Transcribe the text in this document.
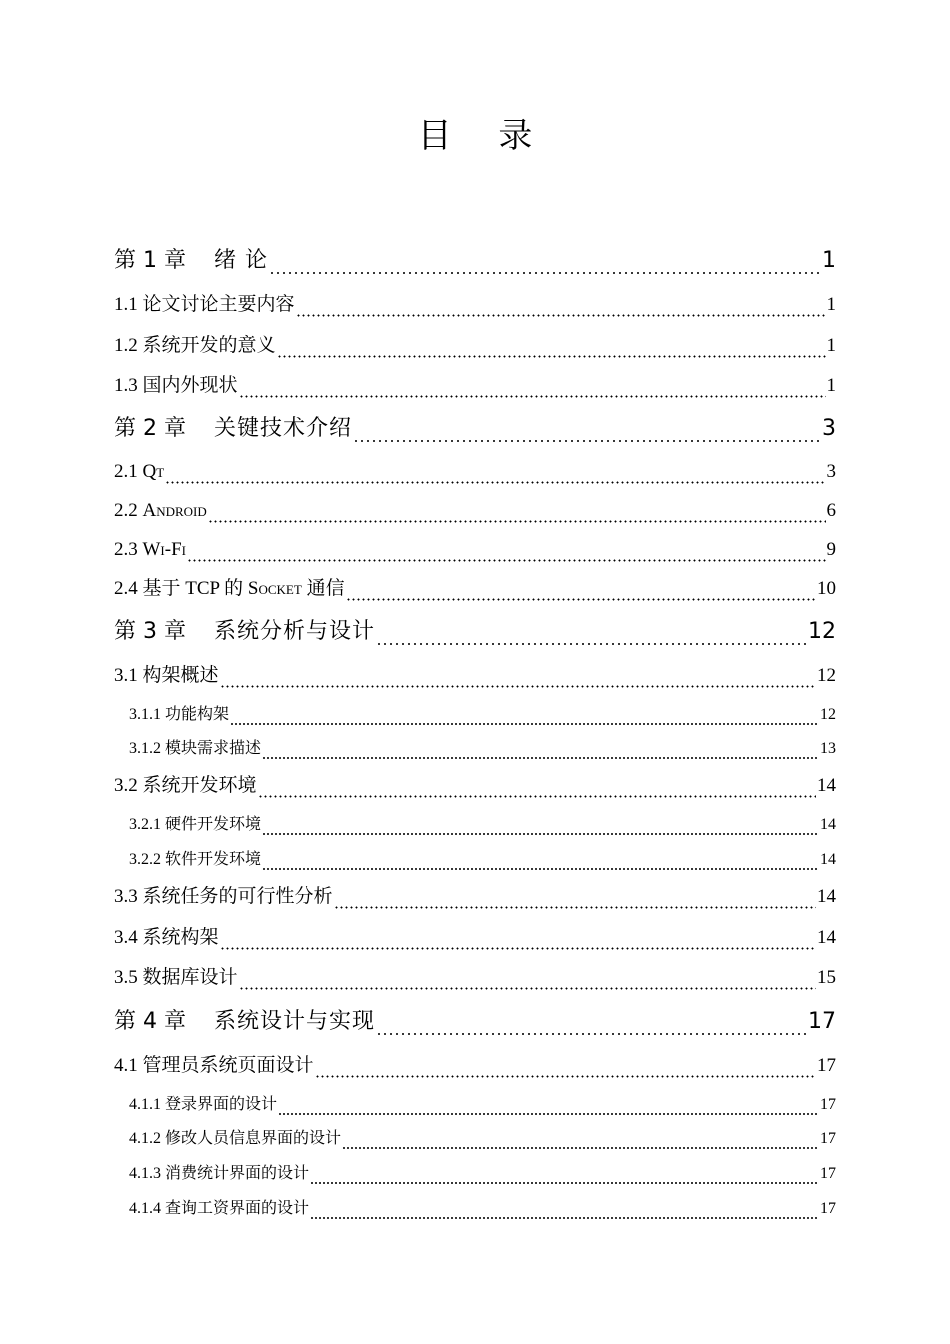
目 录
第 1 章 绪 论	1
1.1 论文讨论主要内容	1
1.2 系统开发的意义	1
1.3 国内外现状	1
第 2 章 关键技术介绍	3
2.1 Qt	3
2.2 Android	6
2.3 Wi-Fi	9
2.4 基于 TCP 的 Socket 通信	10
第 3 章 系统分析与设计	12
3.1 构架概述	12
3.1.1 功能构架	12
3.1.2 模块需求描述	13
3.2 系统开发环境	14
3.2.1 硬件开发环境	14
3.2.2 软件开发环境	14
3.3 系统任务的可行性分析	14
3.4 系统构架	14
3.5 数据库设计	15
第 4 章 系统设计与实现	17
4.1 管理员系统页面设计	17
4.1.1 登录界面的设计	17
4.1.2 修改人员信息界面的设计	17
4.1.3 消费统计界面的设计	17
4.1.4 查询工资界面的设计	17
